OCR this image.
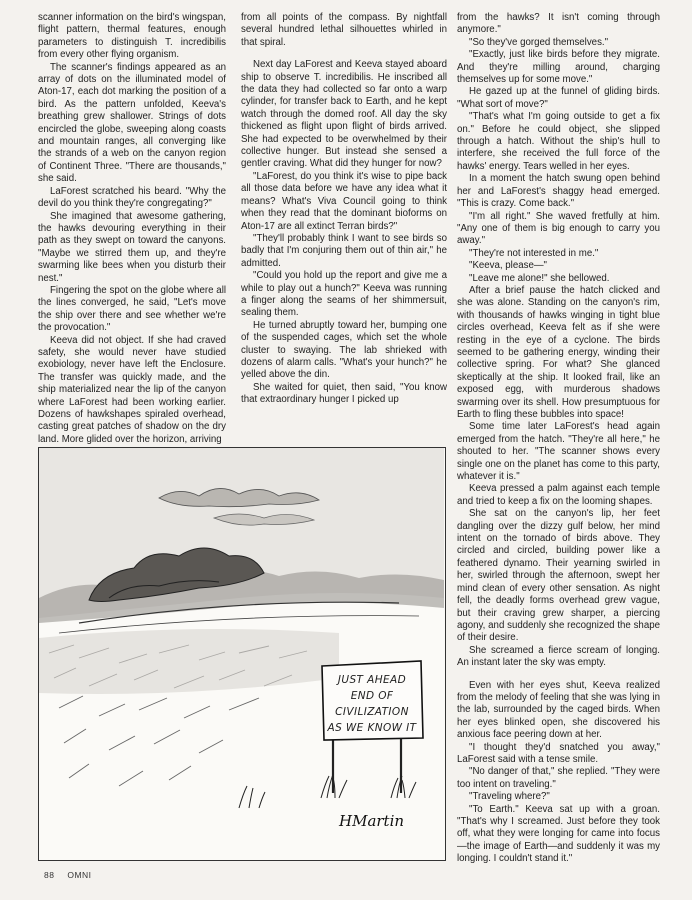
scanner information on the bird's wingspan, flight pattern, thermal features, enough parameters to distinguish T. incredibilis from every other flying organism.

The scanner's findings appeared as an array of dots on the illuminated model of Aton-17, each dot marking the position of a bird. As the pattern unfolded, Keeva's breathing grew shallower. Strings of dots encircled the globe, sweeping along coasts and mountain ranges, all converging like the strands of a web on the canyon region of Continent Three. "There are thousands," she said.

LaForest scratched his beard. "Why the devil do you think they're congregating?"

She imagined that awesome gathering, the hawks devouring everything in their path as they swept on toward the canyons. "Maybe we stirred them up, and they're swarming like bees when you disturb their nest."

Fingering the spot on the globe where all the lines converged, he said, "Let's move the ship over there and see whether we're the provocation."

Keeva did not object. If she had craved safety, she would never have studied exobiology, never have left the Enclosure. The transfer was quickly made, and the ship materialized near the lip of the canyon where LaForest had been working earlier. Dozens of hawkshapes spiraled overhead, casting great patches of shadow on the dry land. More glided over the horizon, arriving

from all points of the compass. By nightfall several hundred lethal silhouettes whirled in that spiral.

Next day LaForest and Keeva stayed aboard ship to observe T. incredibilis. He inscribed all the data they had collected so far onto a warp cylinder, for transfer back to Earth, and he kept watch through the domed roof. All day the sky thickened as flight upon flight of birds arrived. She had expected to be overwhelmed by their collective hunger. But instead she sensed a gentler craving. What did they hunger for now?

"LaForest, do you think it's wise to pipe back all those data before we have any idea what it means? What's Viva Council going to think when they read that the dominant bioforms on Aton-17 are all extinct Terran birds?"

"They'll probably think I want to see birds so badly that I'm conjuring them out of thin air," he admitted.

"Could you hold up the report and give me a while to play out a hunch?" Keeva was running a finger along the seams of her shimmersuit, sealing them.

He turned abruptly toward her, bumping one of the suspended cages, which set the whole cluster to swaying. The lab shrieked with dozens of alarm calls. "What's your hunch?" he yelled above the din.

She waited for quiet, then said, "You know that extraordinary hunger I picked up

JUST AHEAD
END OF
CIVILIZATION
AS WE KNOW IT
HMartin

from the hawks? It isn't coming through anymore."

"So they've gorged themselves."

"Exactly, just like birds before they migrate. And they're milling around, charging themselves up for some move."

He gazed up at the funnel of gliding birds. "What sort of move?"

"That's what I'm going outside to get a fix on." Before he could object, she slipped through a hatch. Without the ship's hull to interfere, she received the full force of the hawks' energy. Tears welled in her eyes.

In a moment the hatch swung open behind her and LaForest's shaggy head emerged. "This is crazy. Come back."

"I'm all right." She waved fretfully at him. "Any one of them is big enough to carry you away."

"They're not interested in me."

"Keeva, please—"

"Leave me alone!" she bellowed.

After a brief pause the hatch clicked and she was alone. Standing on the canyon's rim, with thousands of hawks winging in tight blue circles overhead, Keeva felt as if she were resting in the eye of a cyclone. The birds seemed to be gathering energy, winding their collective spring. For what? She glanced skeptically at the ship. It looked frail, like an exposed egg, with murderous shadows swarming over its shell. How presumptuous for Earth to fling these bubbles into space!

Some time later LaForest's head again emerged from the hatch. "They're all here," he shouted to her. "The scanner shows every single one on the planet has come to this party, whatever it is."

Keeva pressed a palm against each temple and tried to keep a fix on the looming shapes.

She sat on the canyon's lip, her feet dangling over the dizzy gulf below, her mind intent on the tornado of birds above. They circled and circled, building power like a feathered dynamo. Their yearning swirled in her, swirled through the afternoon, swept her mind clean of every other sensation. As night fell, the deadly forms overhead grew vague, but their craving grew sharper, a piercing agony, and suddenly she recognized the shape of their desire.

She screamed a fierce scream of longing. An instant later the sky was empty.

Even with her eyes shut, Keeva realized from the melody of feeling that she was lying in the lab, surrounded by the caged birds. When her eyes blinked open, she discovered his anxious face peering down at her.

"I thought they'd snatched you away," LaForest said with a tense smile.

"No danger of that," she replied. "They were too intent on traveling."

"Traveling where?"

"To Earth." Keeva sat up with a groan. "That's why I screamed. Just before they took off, what they were longing for came into focus—the image of Earth—and suddenly it was my longing. I couldn't stand it."

88 OMNI
